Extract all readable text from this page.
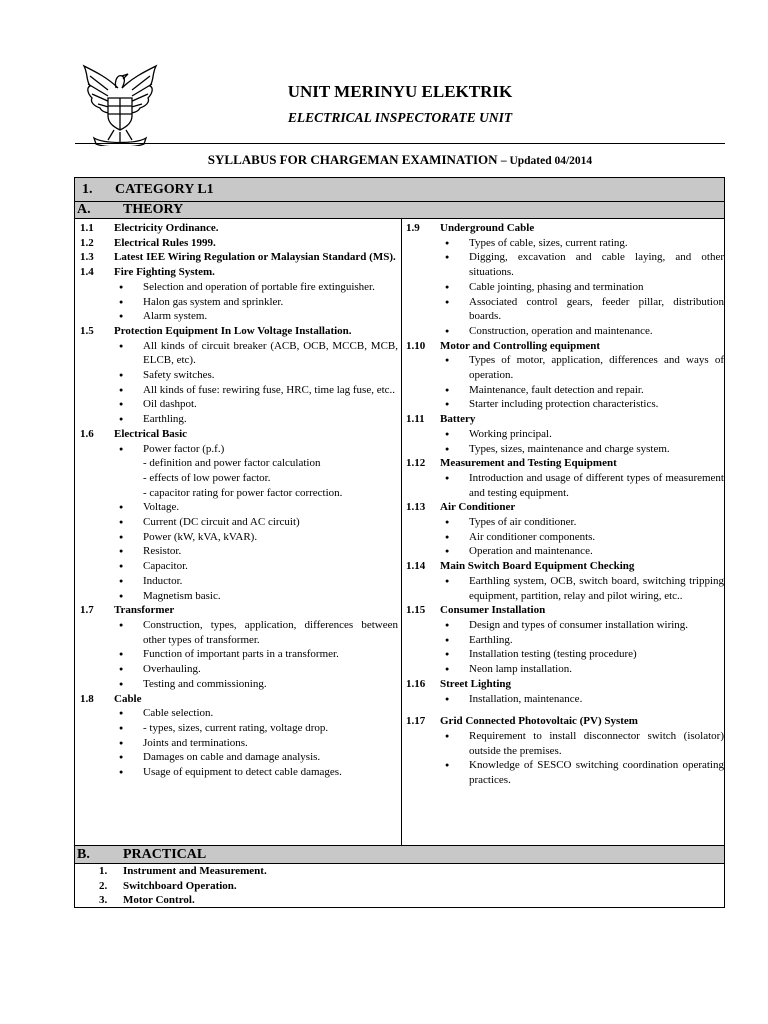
UNIT MERINYU ELEKTRIK
ELECTRICAL INSPECTORATE UNIT
SYLLABUS FOR CHARGEMAN EXAMINATION – Updated 04/2014
1. CATEGORY L1
A. THEORY
1.1 Electricity Ordinance.
1.2 Electrical Rules 1999.
1.3 Latest IEE Wiring Regulation or Malaysian Standard (MS).
1.4 Fire Fighting System.
● Selection and operation of portable fire extinguisher.
● Halon gas system and sprinkler.
● Alarm system.
1.5 Protection Equipment In Low Voltage Installation.
● All kinds of circuit breaker (ACB, OCB, MCCB, MCB, ELCB, etc).
● Safety switches.
● All kinds of fuse: rewiring fuse, HRC, time lag fuse, etc..
● Oil dashpot.
● Earthling.
1.6 Electrical Basic
● Power factor (p.f.)
- definition and power factor calculation
- effects of low power factor.
- capacitor rating for power factor correction.
● Voltage.
● Current (DC circuit and AC circuit)
● Power (kW, kVA, kVAR).
● Resistor.
● Capacitor.
● Inductor.
● Magnetism basic.
1.7 Transformer
● Construction, types, application, differences between other types of transformer.
● Function of important parts in a transformer.
● Overhauling.
● Testing and commissioning.
1.8 Cable
● Cable selection.
● - types, sizes, current rating, voltage drop.
● Joints and terminations.
● Damages on cable and damage analysis.
● Usage of equipment to detect cable damages.
1.9 Underground Cable
● Types of cable, sizes, current rating.
● Digging, excavation and cable laying, and other situations.
● Cable jointing, phasing and termination
● Associated control gears, feeder pillar, distribution boards.
● Construction, operation and maintenance.
1.10 Motor and Controlling equipment
● Types of motor, application, differences and ways of operation.
● Maintenance, fault detection and repair.
● Starter including protection characteristics.
1.11 Battery
● Working principal.
● Types, sizes, maintenance and charge system.
1.12 Measurement and Testing Equipment
● Introduction and usage of different types of measurement and testing equipment.
1.13 Air Conditioner
● Types of air conditioner.
● Air conditioner components.
● Operation and maintenance.
1.14 Main Switch Board Equipment Checking
● Earthling system, OCB, switch board, switching tripping equipment, partition, relay and pilot wiring, etc..
1.15 Consumer Installation
● Design and types of consumer installation wiring.
● Earthling.
● Installation testing (testing procedure)
● Neon lamp installation.
1.16 Street Lighting
● Installation, maintenance.
1.17 Grid Connected Photovoltaic (PV) System
● Requirement to install disconnector switch (isolator) outside the premises.
● Knowledge of SESCO switching coordination operating practices.
B. PRACTICAL
1. Instrument and Measurement.
2. Switchboard Operation.
3. Motor Control.
